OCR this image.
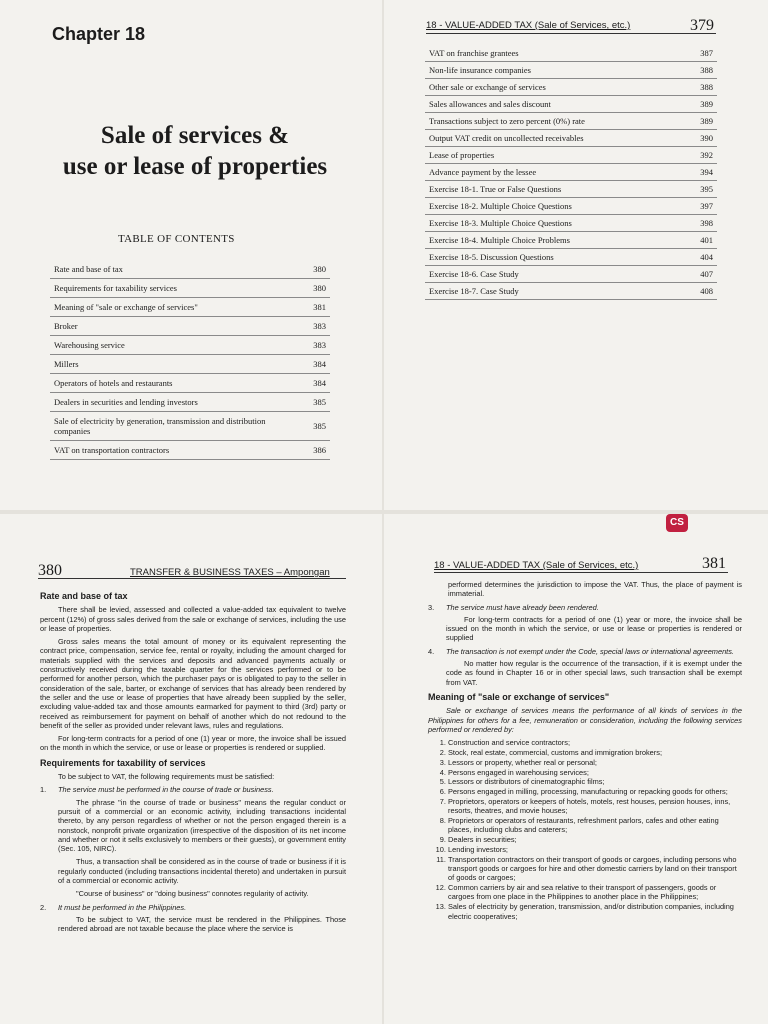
Chapter 18
Sale of services &
use or lease of properties
TABLE OF CONTENTS
Rate and base of tax	380
Requirements for taxability services	380
Meaning of "sale or exchange of services"	381
Broker	383
Warehousing service	383
Millers	384
Operators of hotels and restaurants	384
Dealers in securities and lending investors	385
Sale of electricity by generation, transmission and distribution companies	385
VAT on transportation contractors	386
18 - VALUE-ADDED TAX (Sale of Services, etc.)	379
VAT on franchise grantees	387
Non-life insurance companies	388
Other sale or exchange of services	388
Sales allowances and sales discount	389
Transactions subject to zero percent (0%) rate	389
Output VAT credit on uncollected receivables	390
Lease of properties	392
Advance payment by the lessee	394
Exercise 18-1. True or False Questions	395
Exercise 18-2. Multiple Choice Questions	397
Exercise 18-3. Multiple Choice Questions	398
Exercise 18-4. Multiple Choice Problems	401
Exercise 18-5. Discussion Questions	404
Exercise 18-6. Case Study	407
Exercise 18-7. Case Study	408
380	TRANSFER & BUSINESS TAXES – Ampongan
Rate and base of tax

There shall be levied, assessed and collected a value-added tax equivalent to twelve percent (12%) of gross sales derived from the sale or exchange of services, including the use or lease of properties.

Gross sales means the total amount of money or its equivalent representing the contract price, compensation, service fee, rental or royalty, including the amount charged for materials supplied with the services and deposits and advanced payments actually or constructively received during the taxable quarter for the services performed or to be performed for another person, which the purchaser pays or is obligated to pay to the seller in consideration of the sale, barter, or exchange of services that has already been rendered by the seller and the use or lease of properties that have already been supplied by the seller, excluding value-added tax and those amounts earmarked for payment to third (3rd) party or received as reimbursement for payment on behalf of another which do not redound to the benefit of the seller as provided under relevant laws, rules and regulations.

For long-term contracts for a period of one (1) year or more, the invoice shall be issued on the month in which the service, or use or lease or properties is rendered or supplied.

Requirements for taxability of services

To be subject to VAT, the following requirements must be satisfied:

1. The service must be performed in the course of trade or business.

The phrase "in the course of trade or business" means the regular conduct or pursuit of a commercial or an economic activity, including transactions incidental thereto, by any person regardless of whether or not the person engaged therein is a nonstock, nonprofit private organization (irrespective of the disposition of its net income and whether or not it sells exclusively to members or their guests), or government entity (Sec. 105, NIRC).

Thus, a transaction shall be considered as in the course of trade or business if it is regularly conducted (including transactions incidental thereto) and undertaken in pursuit of a commercial or economic activity.

"Course of business" or "doing business" connotes regularity of activity.

2. It must be performed in the Philippines.

To be subject to VAT, the service must be rendered in the Philippines. Those rendered abroad are not taxable because the place where the service is

CS
18 - VALUE-ADDED TAX (Sale of Services, etc.)	381

performed determines the jurisdiction to impose the VAT. Thus, the place of payment is immaterial.

3. The service must have already been rendered.

For long-term contracts for a period of one (1) year or more, the invoice shall be issued on the month in which the service, or use or lease or properties is rendered or supplied

4. The transaction is not exempt under the Code, special laws or international agreements.

No matter how regular is the occurrence of the transaction, if it is exempt under the code as found in Chapter 16 or in other special laws, such transaction shall be exempt from VAT.

Meaning of "sale or exchange of services"

Sale or exchange of services means the performance of all kinds of services in the Philippines for others for a fee, remuneration or consideration, including the following services performed or rendered by:

1. Construction and service contractors;
2. Stock, real estate, commercial, customs and immigration brokers;
3. Lessors or property, whether real or personal;
4. Persons engaged in warehousing services;
5. Lessors or distributors of cinematographic films;
6. Persons engaged in milling, processing, manufacturing or repacking goods for others;
7. Proprietors, operators or keepers of hotels, motels, rest houses, pension houses, inns, resorts, theatres, and movie houses;
8. Proprietors or operators of restaurants, refreshment parlors, cafes and other eating places, including clubs and caterers;
9. Dealers in securities;
10. Lending investors;
11. Transportation contractors on their transport of goods or cargoes, including persons who transport goods or cargoes for hire and other domestic carriers by land on their transport of goods or cargoes;
12. Common carriers by air and sea relative to their transport of passengers, goods or cargoes from one place in the Philippines to another place in the Philippines;
13. Sales of electricity by generation, transmission, and/or distribution companies, including electric cooperatives;
